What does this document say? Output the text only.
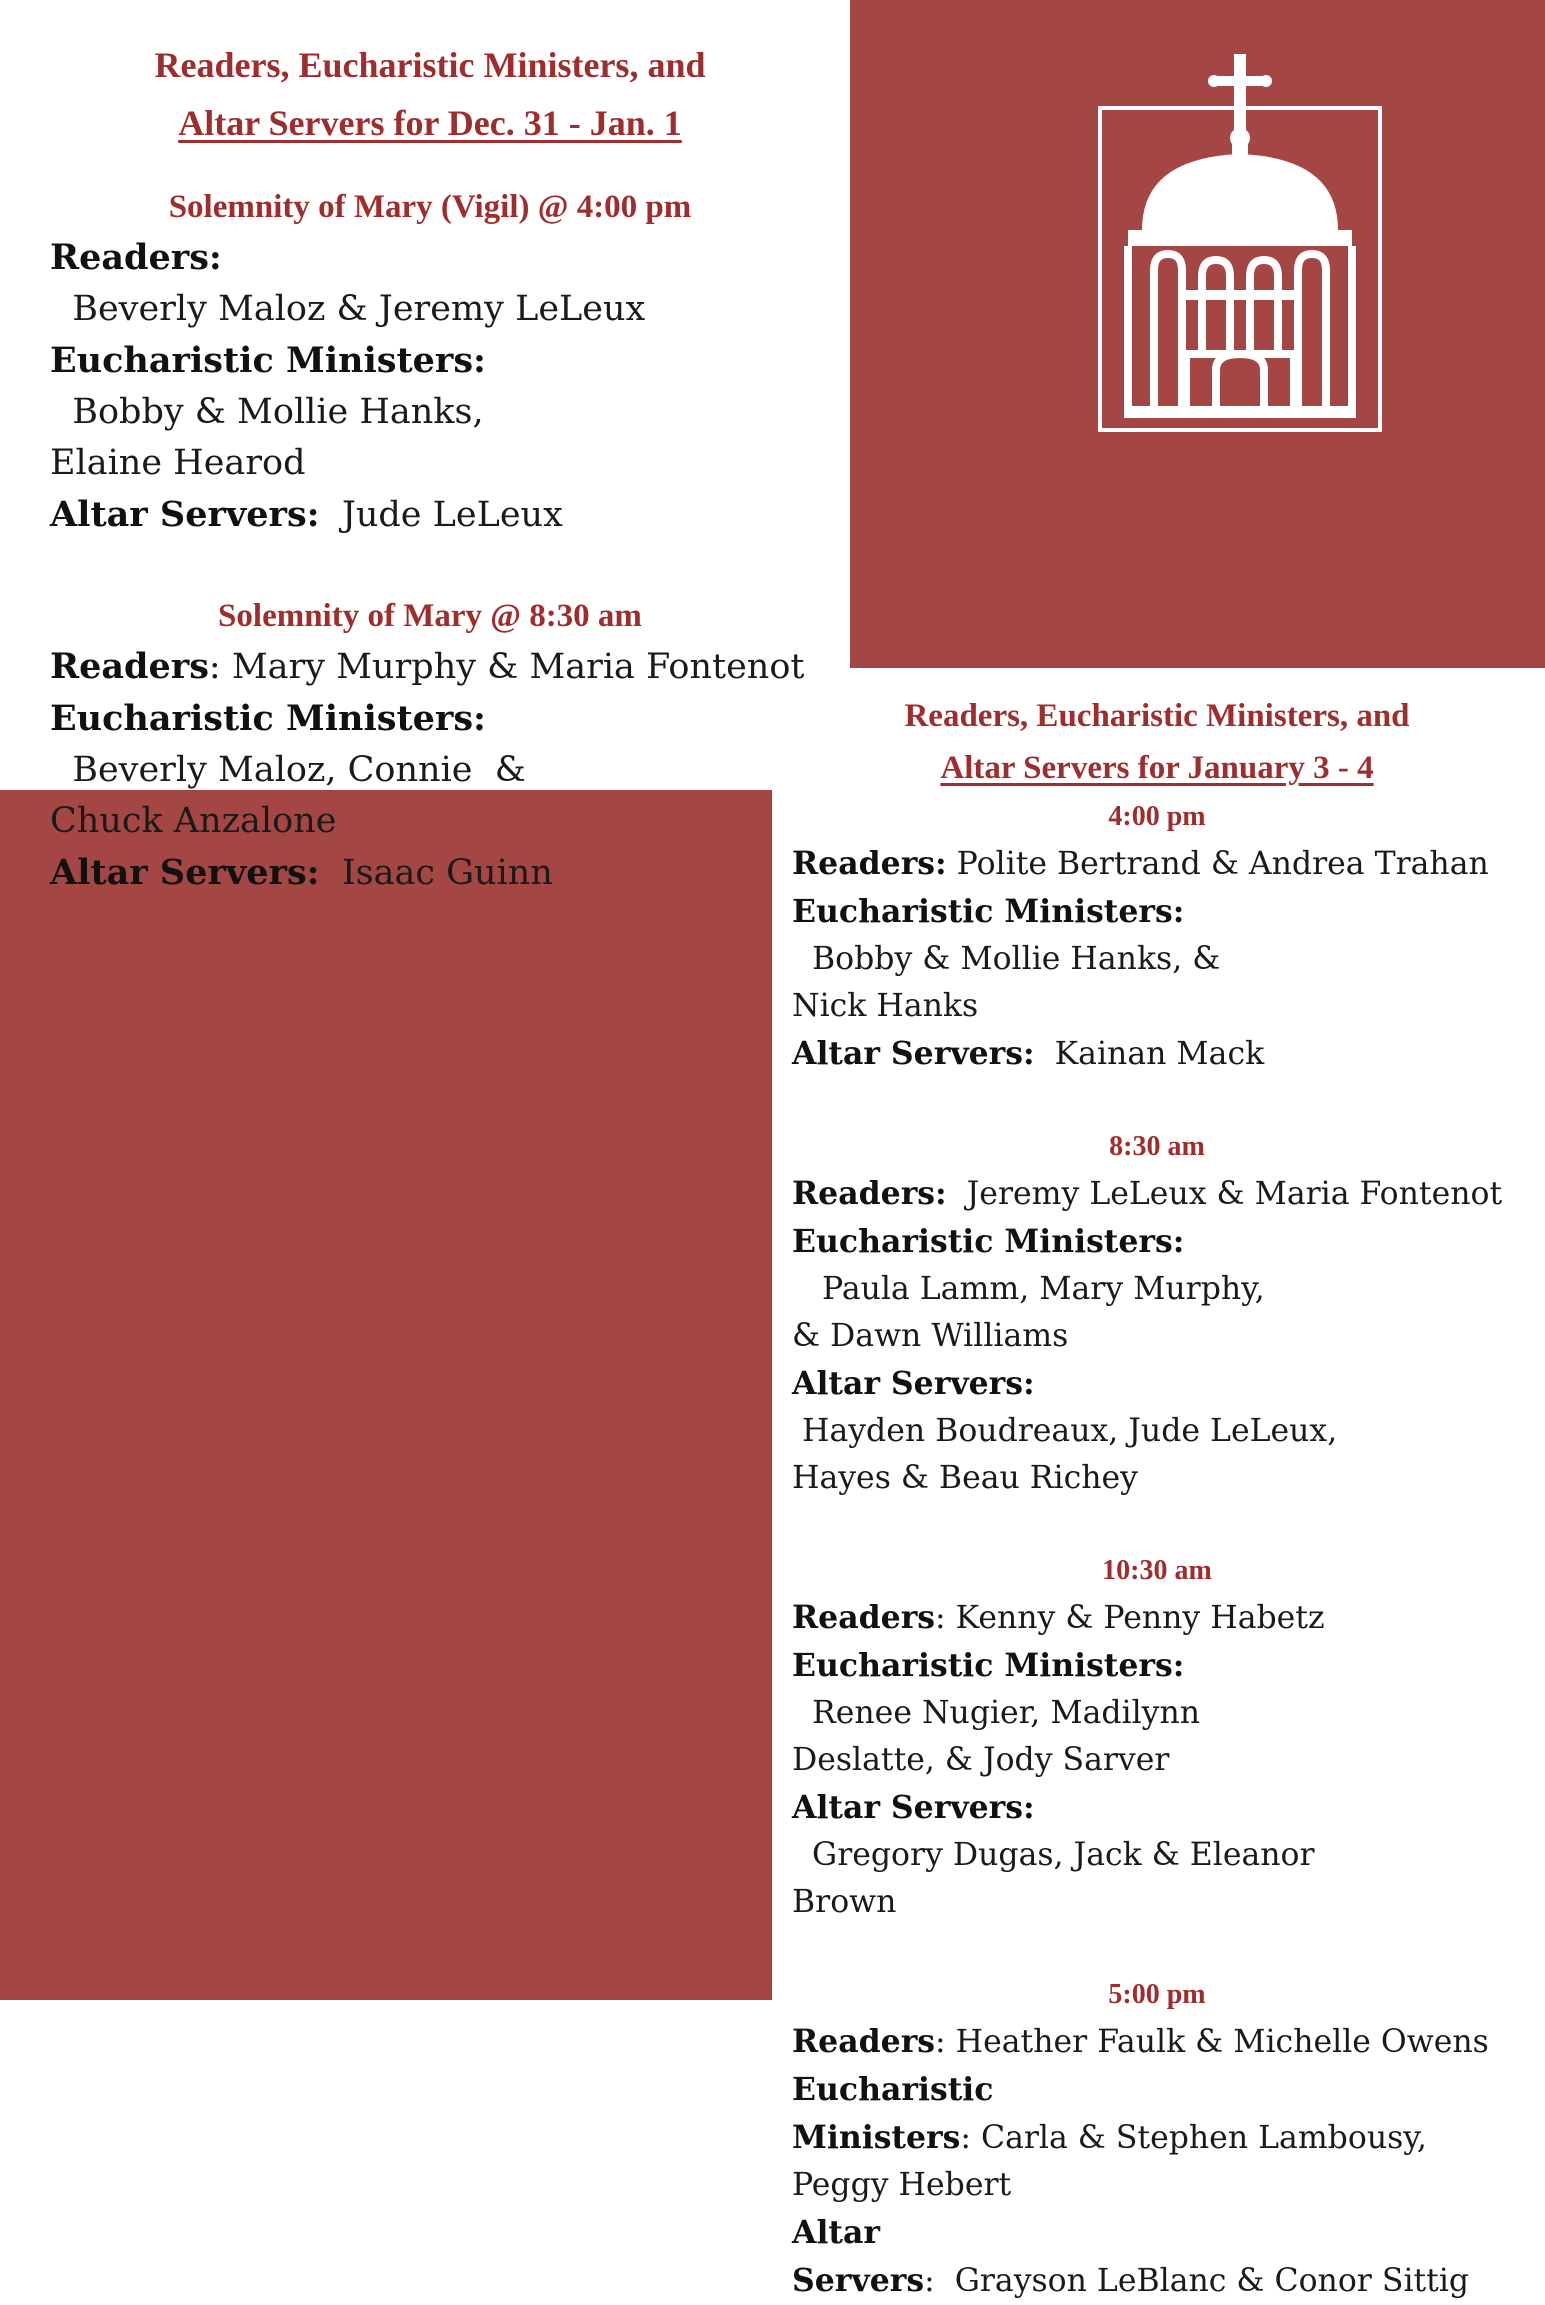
Readers, Eucharistic Ministers, and
Altar Servers for Dec. 31 - Jan. 1
Solemnity of Mary (Vigil) @ 4:00 pm

Readers:  Beverly Maloz & Jeremy LeLeux

Eucharistic Ministers:  Bobby & Mollie Hanks,

Elaine Hearod

Altar Servers:  Jude LeLeux

Solemnity of Mary @ 8:30 am

Readers: Mary Murphy & Maria Fontenot

Eucharistic Ministers:  Beverly Maloz, Connie  &

Chuck Anzalone

Altar Servers:  Isaac Guinn

Readers, Eucharistic Ministers, and
Altar Servers for January 3 - 4
4:00 pm

Readers: Polite Bertrand & Andrea Trahan

Eucharistic Ministers:  Bobby & Mollie Hanks, &

Nick Hanks

Altar Servers:  Kainan Mack

8:30 am

Readers:  Jeremy LeLeux & Maria Fontenot

Eucharistic Ministers:   Paula Lamm, Mary Murphy,

& Dawn Williams

Altar Servers: Hayden Boudreaux, Jude LeLeux,

Hayes & Beau Richey

10:30 am

Readers: Kenny & Penny Habetz

Eucharistic Ministers:  Renee Nugier, Madilynn

Deslatte, & Jody Sarver

Altar Servers:  Gregory Dugas, Jack & Eleanor

Brown

5:00 pm

Readers: Heather Faulk & Michelle Owens

Eucharistic Ministers: Carla & Stephen Lambousy,

Peggy Hebert

Altar Servers:  Grayson LeBlanc & Conor Sittig
